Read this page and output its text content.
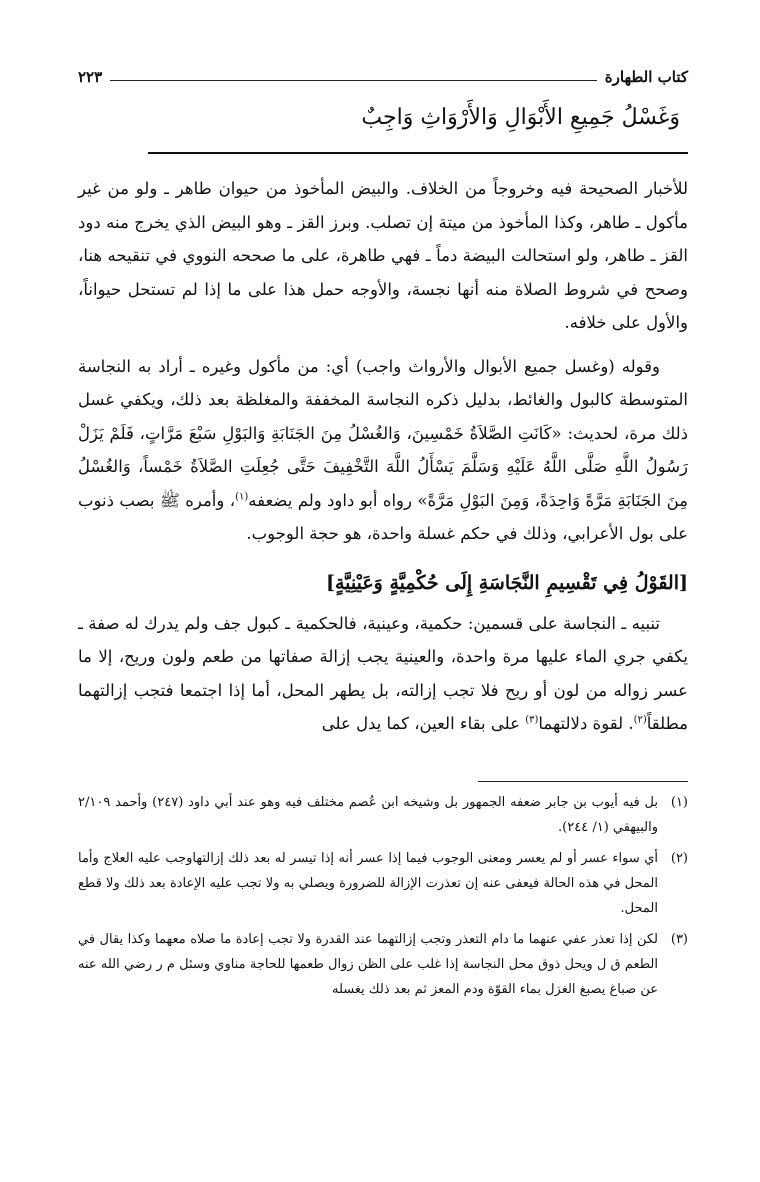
كتاب الطهارة
٢٢٣
وَغَسْلُ جَمِيعِ الأَبْوَالِ وَالأَرْوَاثِ وَاجِبٌ

للأخبار الصحيحة فيه وخروجاً من الخلاف. والبيض المأخوذ من حيوان طاهر ـ ولو من غير مأكول ـ طاهر، وكذا المأخوذ من ميتة إن تصلب. وبرز القز ـ وهو البيض الذي يخرج منه دود القز ـ طاهر، ولو استحالت البيضة دماً ـ فهي طاهرة، على ما صححه النووي في تنقيحه هنا، وصحح في شروط الصلاة منه أنها نجسة، والأوجه حمل هذا على ما إذا لم تستحل حيواناً، والأول على خلافه.

وقوله (وغسل جميع الأبوال والأرواث واجب) أي: من مأكول وغيره ـ أراد به النجاسة المتوسطة كالبول والغائط، بدليل ذكره النجاسة المخففة والمغلظة بعد ذلك، ويكفي غسل ذلك مرة، لحديث: «كَانَتِ الصَّلاَةُ خَمْسِينَ، وَالغُسْلُ مِنَ الجَنَابَةِ وَالبَوْلِ سَبْعَ مَرَّاتٍ، فَلَمْ يَزَلْ رَسُولُ اللَّهِ صَلَّى اللَّهُ عَلَيْهِ وَسَلَّمَ يَسْأَلُ اللَّهَ التَّخْفِيفَ حَتَّى جُعِلَتِ الصَّلاَةُ خَمْساً، وَالغُسْلُ مِنَ الجَنَابَةِ مَرَّةً وَاحِدَةً، وَمِنَ البَوْلِ مَرَّةً» رواه أبو داود ولم يضعفه$^{(١)}$، وأمره ﷺ بصب ذنوب على بول الأعرابي، وذلك في حكم غسلة واحدة، هو حجة الوجوب.

[القَوْلُ فِي تَقْسِيمِ النَّجَاسَةِ إِلَى حُكْمِيَّةٍ وَعَيْنِيَّةٍ]

تنبيه ـ النجاسة على قسمين: حكمية، وعينية، فالحكمية ـ كبول جف ولم يدرك له صفة ـ يكفي جري الماء عليها مرة واحدة، والعينية يجب إزالة صفاتها من طعم ولون وريح، إلا ما عسر زواله من لون أو ريح فلا تجب إزالته، بل يطهر المحل، أما إذا اجتمعا فتجب إزالتهما مطلقاً$^{(٢)}$. لقوة دلالتهما$^{(٣)}$ على بقاء العين، كما يدل على

(١)
بل فيه أيوب بن جابر ضعفه الجمهور بل وشيخه ابن عُصم مختلف فيه وهو عند أبي داود (٢٤٧) وأحمد ٢/١٠٩ والبيهقي (١/ ٢٤٤).
(٢)
أي سواء عسر أو لم يعسر ومعنى الوجوب فيما إذا عسر أنه إذا تيسر له بعد ذلك إزالتهاوجب عليه العلاج وأما المحل في هذه الحالة فيعفى عنه إن تعذرت الإزالة للضرورة ويصلي به ولا تجب عليه الإعادة بعد ذلك ولا قطع المحل.
(٣)
لكن إذا تعذر عفي عنهما ما دام التعذر وتجب إزالتهما عند القدرة ولا تجب إعادة ما صلاه معهما وكذا يقال في الطعم ق ل ويحل ذوق محل النجاسة إذا غلب على الظن زوال طعمها للحاجة مناوي وسئل م ر رضي الله عنه عن صباغ يصبغ الغزل بماء القوّة ودم المعز ثم بعد ذلك يغسله
